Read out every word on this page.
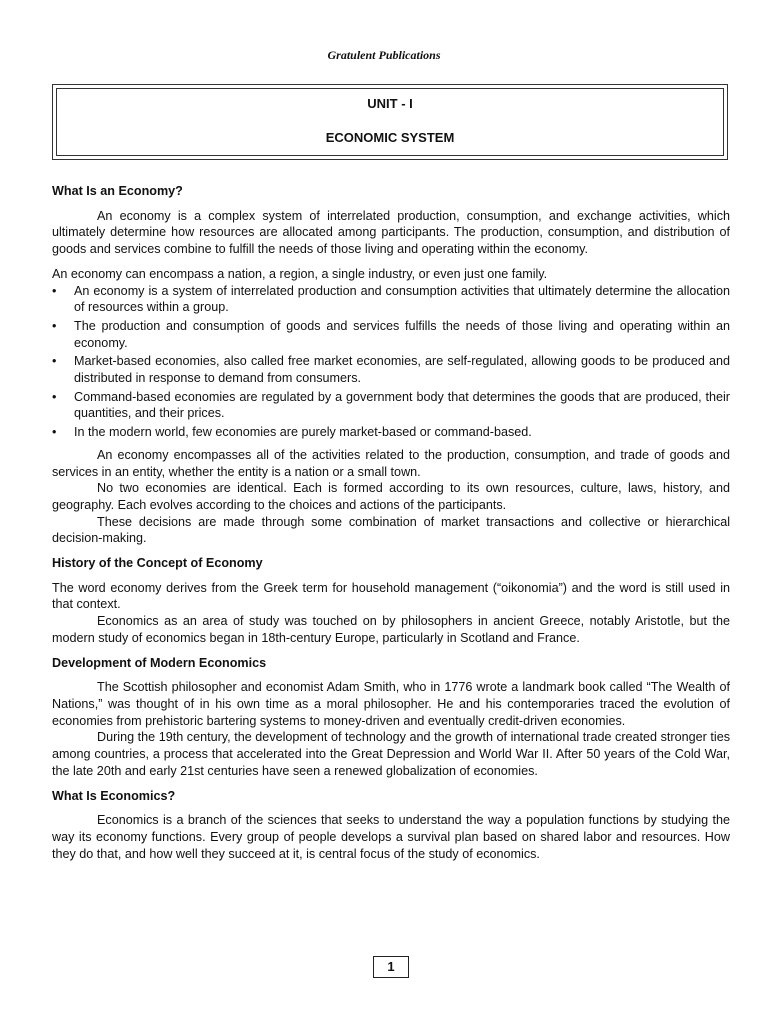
Gratulent Publications
UNIT - I
ECONOMIC SYSTEM
What Is an Economy?

An economy is a complex system of interrelated production, consumption, and exchange activities, which ultimately determine how resources are allocated among participants. The production, consumption, and distribution of goods and services combine to fulfill the needs of those living and operating within the economy.

An economy can encompass a nation, a region, a single industry, or even just one family.

• An economy is a system of interrelated production and consumption activities that ultimately determine the allocation of resources within a group.
• The production and consumption of goods and services fulfills the needs of those living and operating within an economy.
• Market-based economies, also called free market economies, are self-regulated, allowing goods to be produced and distributed in response to demand from consumers.
• Command-based economies are regulated by a government body that determines the goods that are produced, their quantities, and their prices.
• In the modern world, few economies are purely market-based or command-based.

An economy encompasses all of the activities related to the production, consumption, and trade of goods and services in an entity, whether the entity is a nation or a small town.

No two economies are identical. Each is formed according to its own resources, culture, laws, history, and geography. Each evolves according to the choices and actions of the participants.

These decisions are made through some combination of market transactions and collective or hierarchical decision-making.

History of the Concept of Economy

The word economy derives from the Greek term for household management (“oikonomia”) and the word is still used in that context.

Economics as an area of study was touched on by philosophers in ancient Greece, notably Aristotle, but the modern study of economics began in 18th-century Europe, particularly in Scotland and France.

Development of Modern Economics

The Scottish philosopher and economist Adam Smith, who in 1776 wrote a landmark book called “The Wealth of Nations,” was thought of in his own time as a moral philosopher. He and his contemporaries traced the evolution of economies from prehistoric bartering systems to money-driven and eventually credit-driven economies.

During the 19th century, the development of technology and the growth of international trade created stronger ties among countries, a process that accelerated into the Great Depression and World War II. After 50 years of the Cold War, the late 20th and early 21st centuries have seen a renewed globalization of economies.

What Is Economics?

Economics is a branch of the sciences that seeks to understand the way a population functions by studying the way its economy functions. Every group of people develops a survival plan based on shared labor and resources. How they do that, and how well they succeed at it, is central focus of the study of economics.

1
